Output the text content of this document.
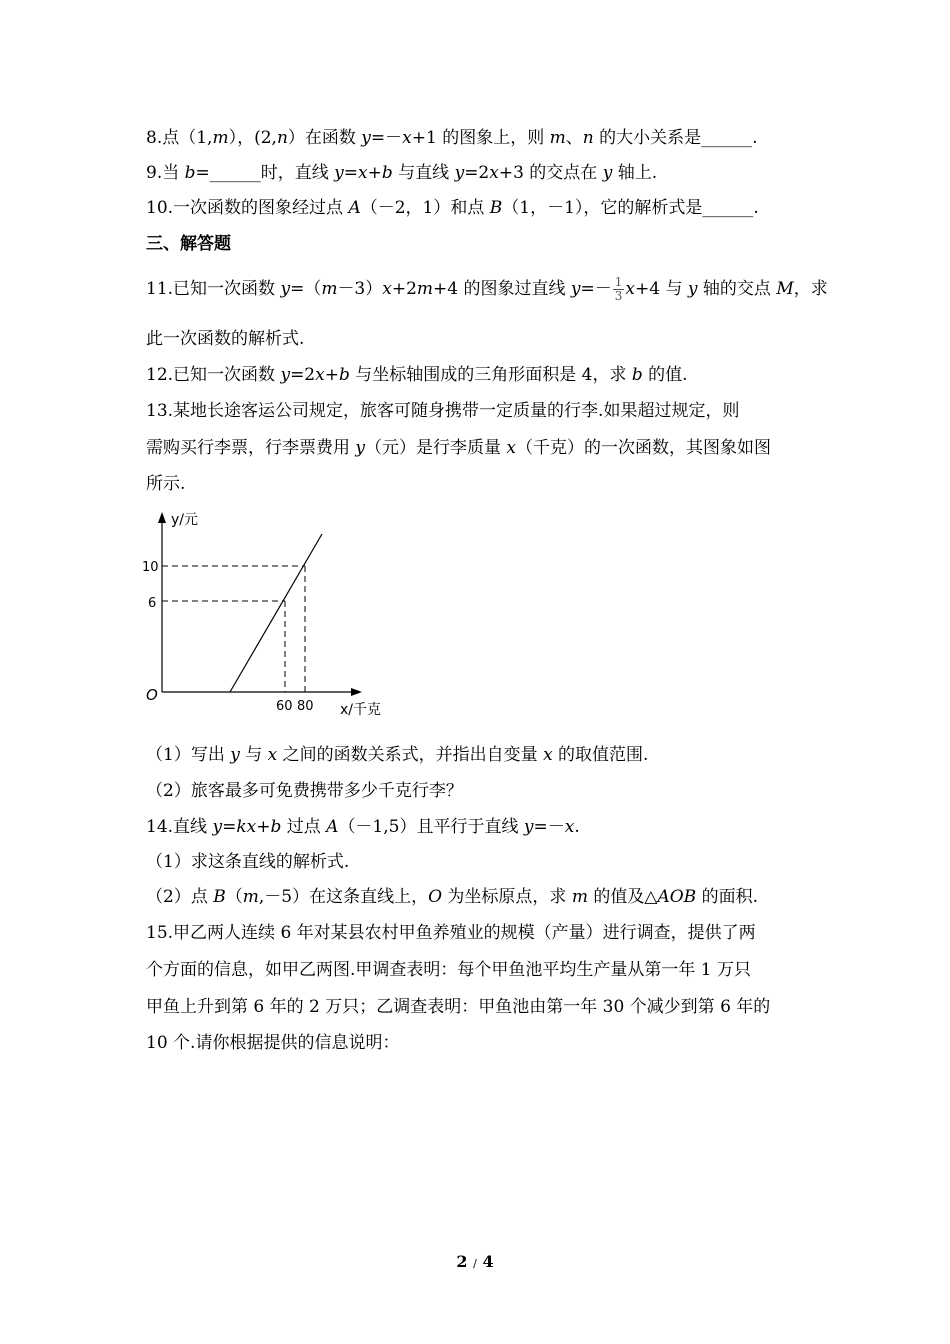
8.点（1,m），(2,n）在函数 y=－x+1 的图象上，则 m、n 的大小关系是______.
9.当 b=______时，直线 y=x+b 与直线 y=2x+3 的交点在 y 轴上.
10.一次函数的图象经过点 A（－2，1）和点 B（1，－1），它的解析式是______.
三、解答题
11.已知一次函数 y=（m－3）x+2m+4 的图象过直线 $y=- \frac{1}{3} x+4$ 与 y 轴的交点 M，求
此一次函数的解析式.
12.已知一次函数 y=2x+b 与坐标轴围成的三角形面积是 4，求 b 的值.
13.某地长途客运公司规定，旅客可随身携带一定质量的行李.如果超过规定，则
需购买行李票，行李票费用 y（元）是行李质量 x（千克）的一次函数，其图象如图
所示.
y/元
10
6
O
60 80 x/千克
（1）写出 y 与 x 之间的函数关系式，并指出自变量 x 的取值范围.
（2）旅客最多可免费携带多少千克行李？
14.直线 y=kx+b 过点 A（－1,5）且平行于直线 y=－x.
（1）求这条直线的解析式.
（2）点 B（m,－5）在这条直线上，O 为坐标原点，求 m 的值及△AOB 的面积.
15.甲乙两人连续 6 年对某县农村甲鱼养殖业的规模（产量）进行调查，提供了两
个方面的信息，如甲乙两图.甲调查表明：每个甲鱼池平均生产量从第一年 1 万只
甲鱼上升到第 6 年的 2 万只；乙调查表明：甲鱼池由第一年 30 个减少到第 6 年的
10 个.请你根据提供的信息说明：
2 / 4
